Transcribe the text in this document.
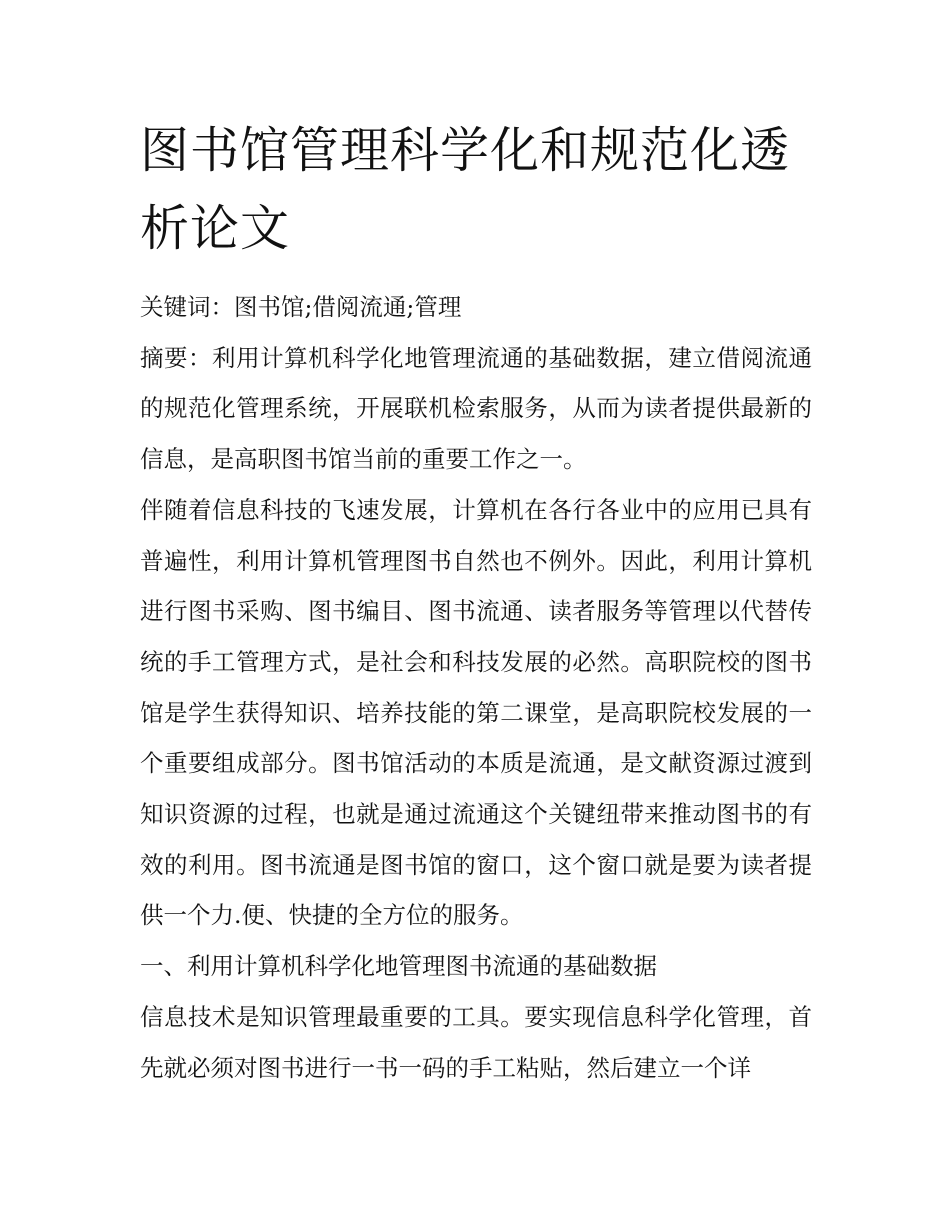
图书馆管理科学化和规范化透析论文

关键词：图书馆;借阅流通;管理

摘要：利用计算机科学化地管理流通的基础数据，建立借阅流通的规范化管理系统，开展联机检索服务，从而为读者提供最新的信息，是高职图书馆当前的重要工作之一。

伴随着信息科技的飞速发展，计算机在各行各业中的应用已具有普遍性，利用计算机管理图书自然也不例外。因此，利用计算机进行图书采购、图书编目、图书流通、读者服务等管理以代替传统的手工管理方式，是社会和科技发展的必然。高职院校的图书馆是学生获得知识、培养技能的第二课堂，是高职院校发展的一个重要组成部分。图书馆活动的本质是流通，是文献资源过渡到知识资源的过程，也就是通过流通这个关键纽带来推动图书的有效的利用。图书流通是图书馆的窗口，这个窗口就是要为读者提供一个力.便、快捷的全方位的服务。

一、利用计算机科学化地管理图书流通的基础数据

信息技术是知识管理最重要的工具。要实现信息科学化管理，首先就必须对图书进行一书一码的手工粘贴，然后建立一个详
